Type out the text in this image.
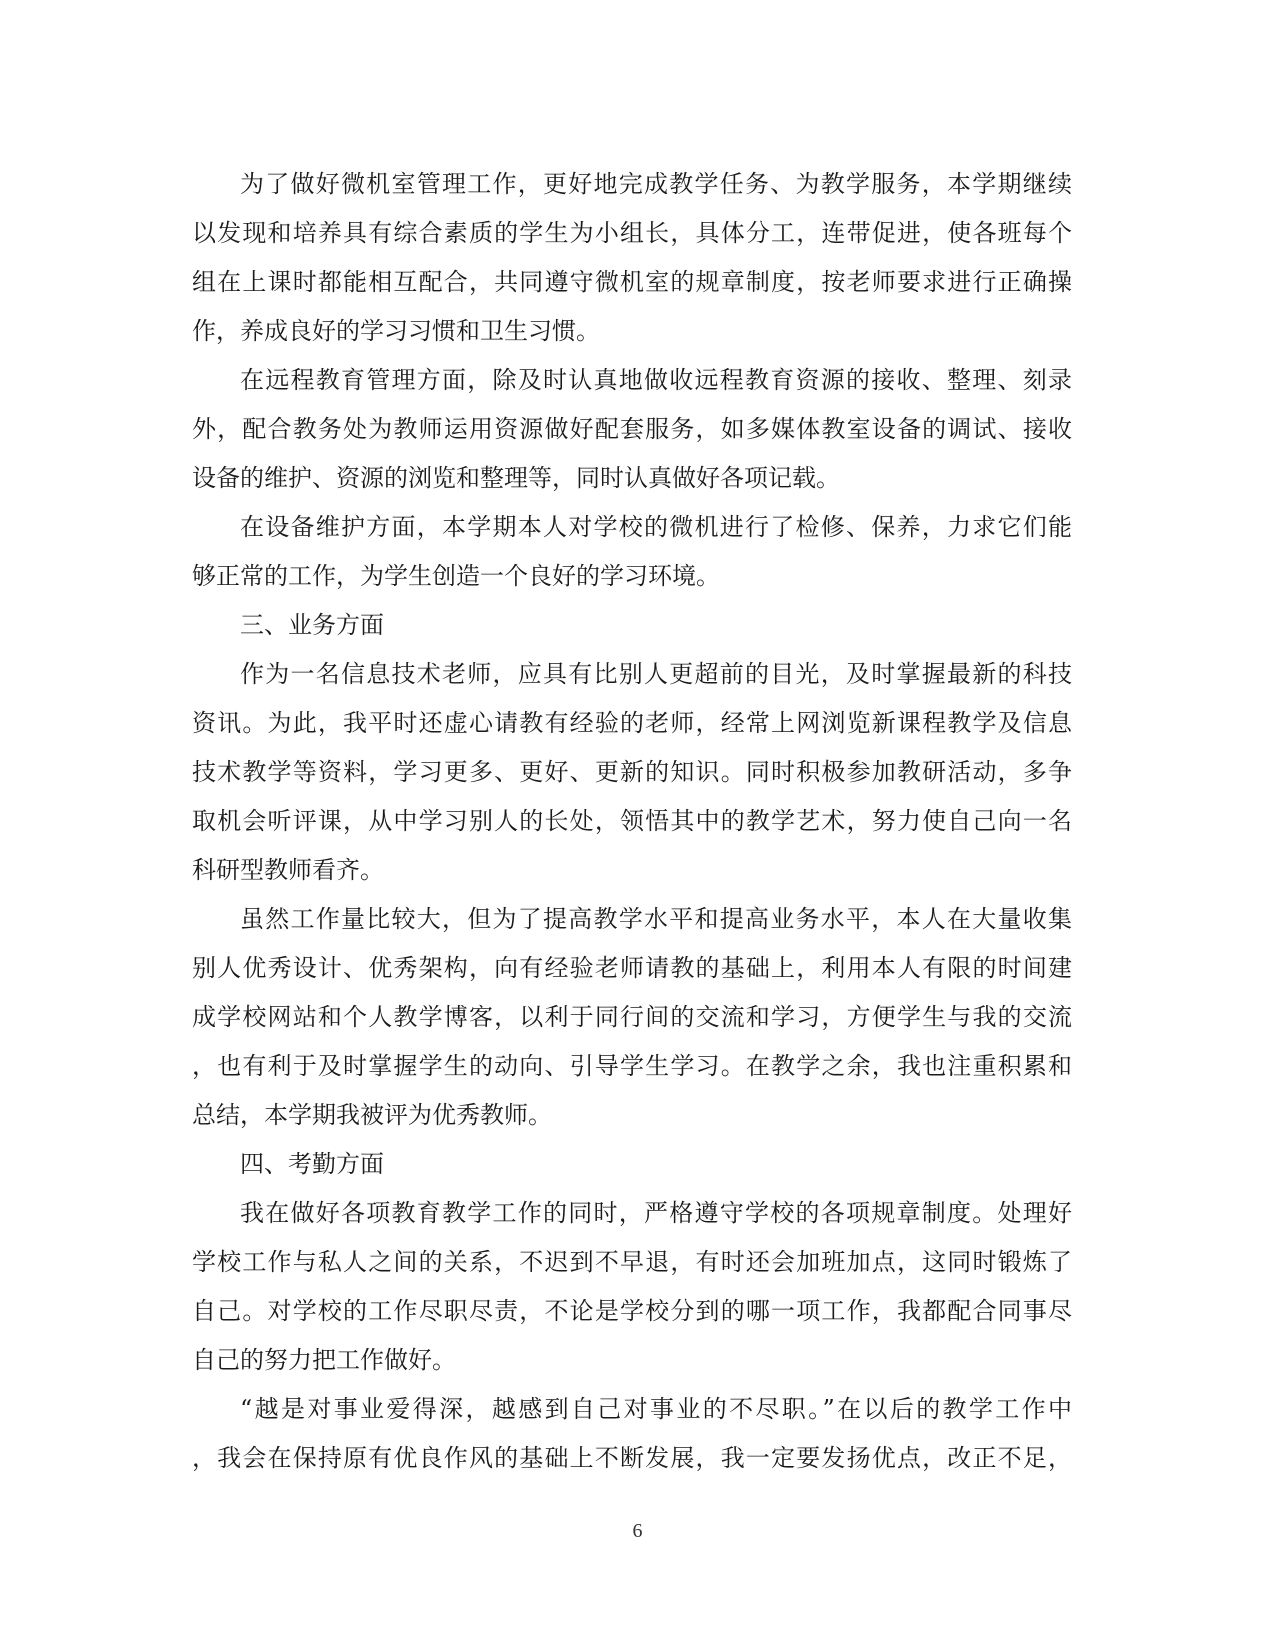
为了做好微机室管理工作，更好地完成教学任务、为教学服务，本学期继续
以发现和培养具有综合素质的学生为小组长，具体分工，连带促进，使各班每个
组在上课时都能相互配合，共同遵守微机室的规章制度，按老师要求进行正确操
作，养成良好的学习习惯和卫生习惯。
在远程教育管理方面，除及时认真地做收远程教育资源的接收、整理、刻录
外，配合教务处为教师运用资源做好配套服务，如多媒体教室设备的调试、接收
设备的维护、资源的浏览和整理等，同时认真做好各项记载。
在设备维护方面，本学期本人对学校的微机进行了检修、保养，力求它们能
够正常的工作，为学生创造一个良好的学习环境。
三、业务方面
作为一名信息技术老师，应具有比别人更超前的目光，及时掌握最新的科技
资讯。为此，我平时还虚心请教有经验的老师，经常上网浏览新课程教学及信息
技术教学等资料，学习更多、更好、更新的知识。同时积极参加教研活动，多争
取机会听评课，从中学习别人的长处，领悟其中的教学艺术，努力使自己向一名
科研型教师看齐。
虽然工作量比较大，但为了提高教学水平和提高业务水平，本人在大量收集
别人优秀设计、优秀架构，向有经验老师请教的基础上，利用本人有限的时间建
成学校网站和个人教学博客，以利于同行间的交流和学习，方便学生与我的交流
，也有利于及时掌握学生的动向、引导学生学习。在教学之余，我也注重积累和
总结，本学期我被评为优秀教师。
四、考勤方面
我在做好各项教育教学工作的同时，严格遵守学校的各项规章制度。处理好
学校工作与私人之间的关系，不迟到不早退，有时还会加班加点，这同时锻炼了
自己。对学校的工作尽职尽责，不论是学校分到的哪一项工作，我都配合同事尽
自己的努力把工作做好。
“越是对事业爱得深，越感到自己对事业的不尽职。”在以后的教学工作中
，我会在保持原有优良作风的基础上不断发展，我一定要发扬优点，改正不足，
6
